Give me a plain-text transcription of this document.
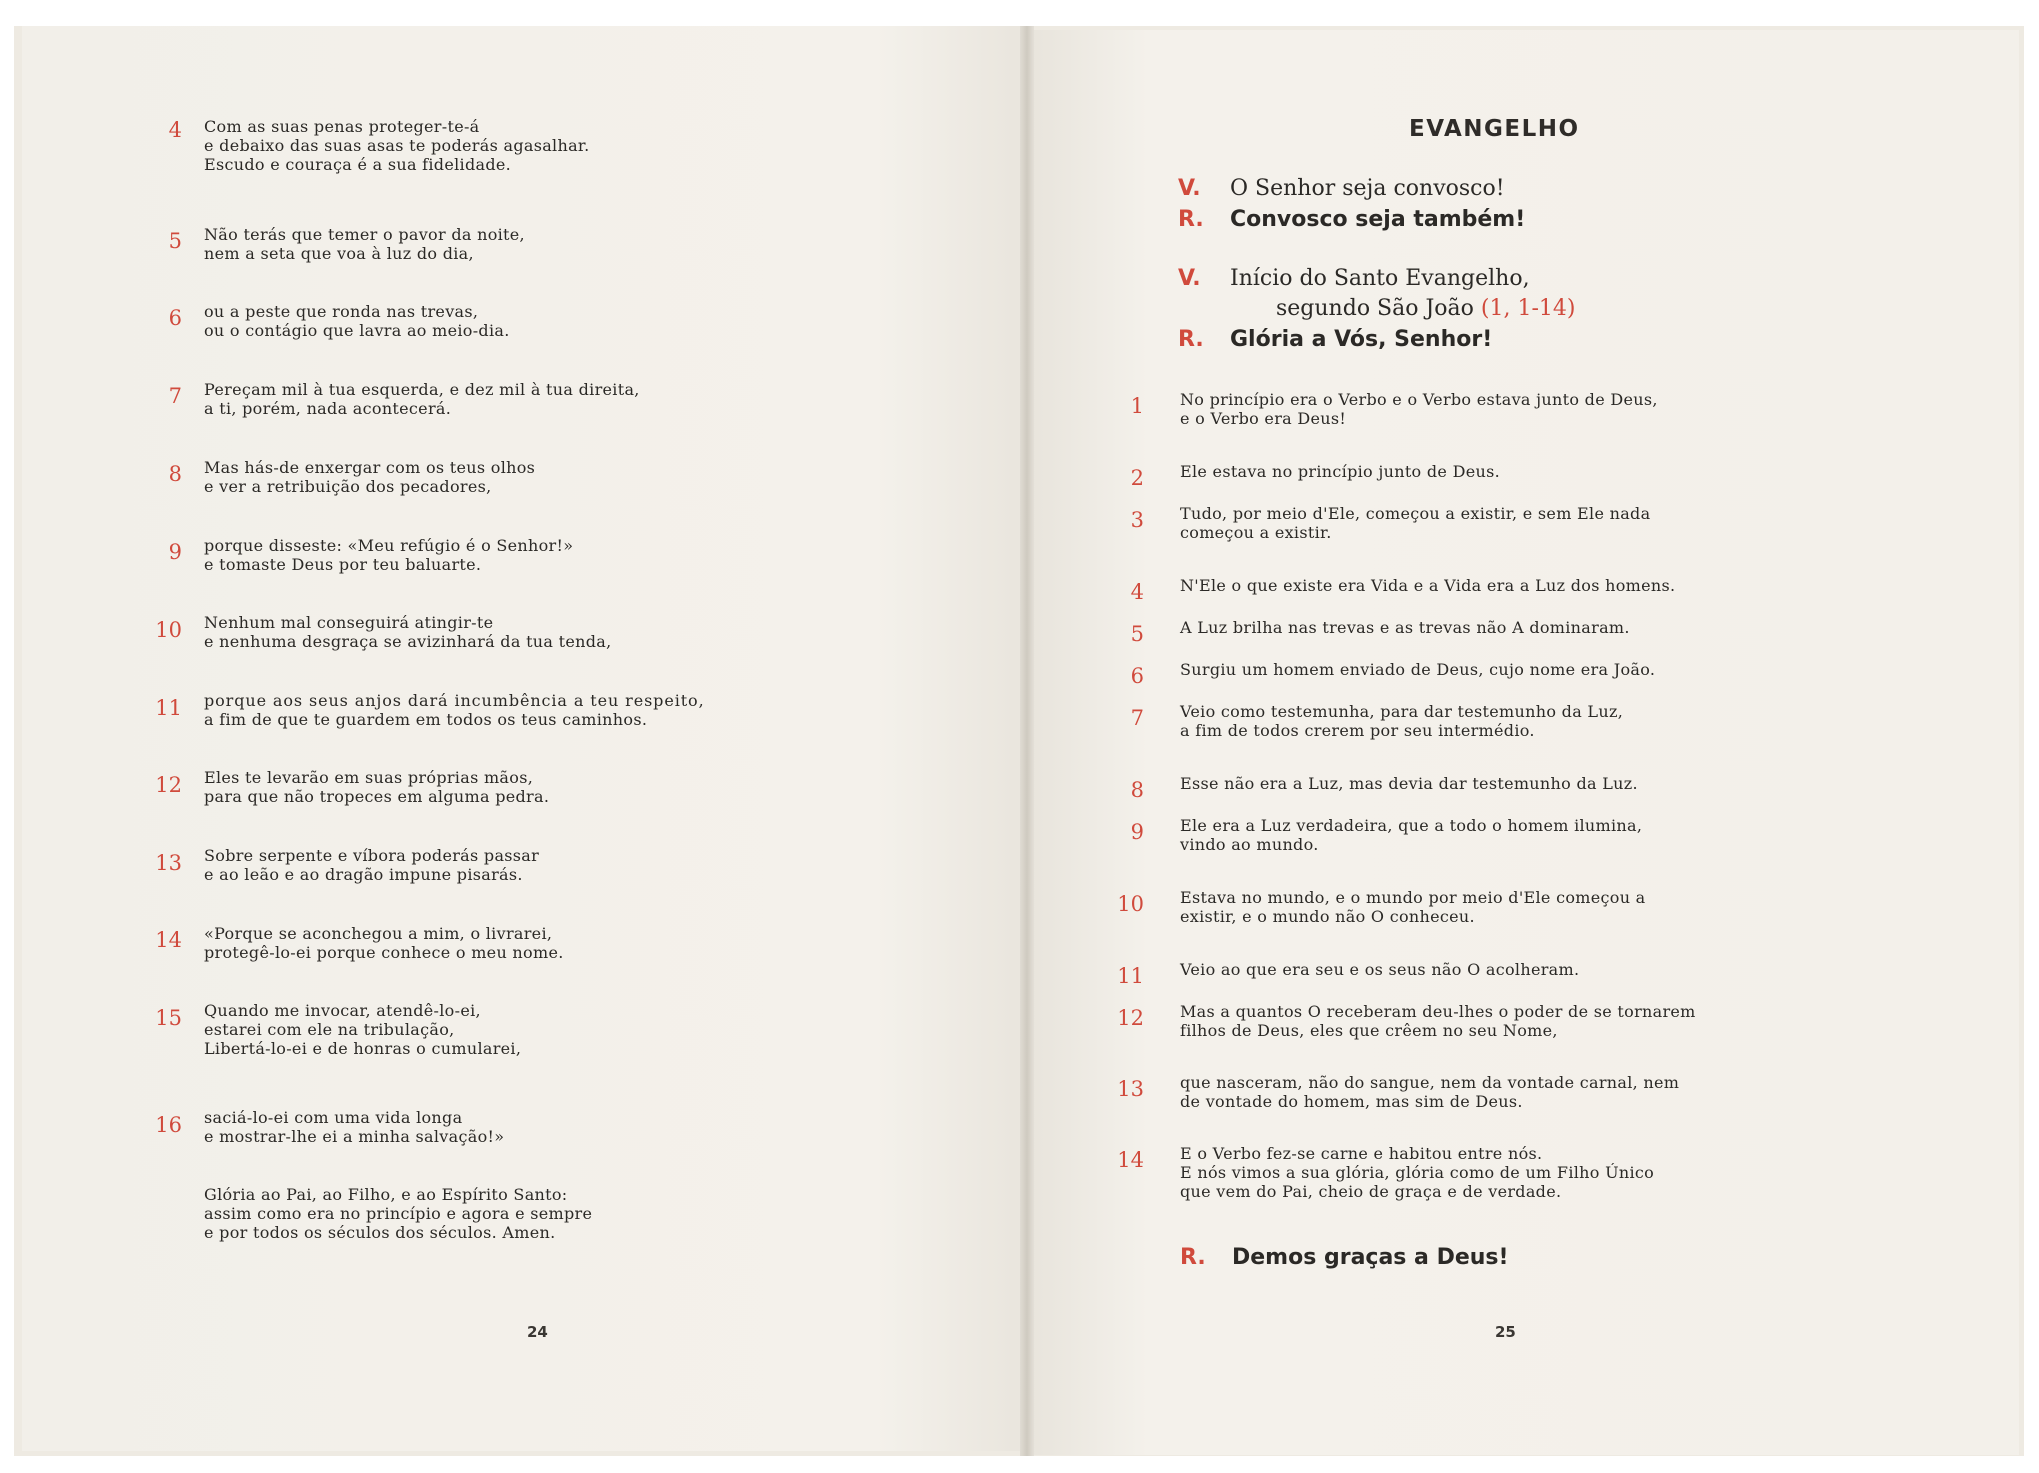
4 Com as suas penas proteger-te-á
e debaixo das suas asas te poderás agasalhar.
Escudo e couraça é a sua fidelidade.
5 Não terás que temer o pavor da noite,
nem a seta que voa à luz do dia,
6 ou a peste que ronda nas trevas,
ou o contágio que lavra ao meio-dia.
7 Pereçam mil à tua esquerda, e dez mil à tua direita,
a ti, porém, nada acontecerá.
8 Mas hás-de enxergar com os teus olhos
e ver a retribuição dos pecadores,
9 porque disseste: «Meu refúgio é o Senhor!»
e tomaste Deus por teu baluarte.
10 Nenhum mal conseguirá atingir-te
e nenhuma desgraça se avizinhará da tua tenda,
11 porque aos seus anjos dará incumbência a teu respeito,
a fim de que te guardem em todos os teus caminhos.
12 Eles te levarão em suas próprias mãos,
para que não tropeces em alguma pedra.
13 Sobre serpente e víbora poderás passar
e ao leão e ao dragão impune pisarás.
14 «Porque se aconchegou a mim, o livrarei,
protegê-lo-ei porque conhece o meu nome.
15 Quando me invocar, atendê-lo-ei,
estarei com ele na tribulação,
Libertá-lo-ei e de honras o cumularei,
16 saciá-lo-ei com uma vida longa
e mostrar-lhe ei a minha salvação!»
Glória ao Pai, ao Filho, e ao Espírito Santo:
assim como era no princípio e agora e sempre
e por todos os séculos dos séculos. Amen.
24
EVANGELHO
V. O Senhor seja convosco!
R. Convosco seja também!
V. Início do Santo Evangelho,
segundo São João (1, 1-14)
R. Glória a Vós, Senhor!
1 No princípio era o Verbo e o Verbo estava junto de Deus,
e o Verbo era Deus!
2 Ele estava no princípio junto de Deus.
3 Tudo, por meio d'Ele, começou a existir, e sem Ele nada
começou a existir.
4 N'Ele o que existe era Vida e a Vida era a Luz dos homens.
5 A Luz brilha nas trevas e as trevas não A dominaram.
6 Surgiu um homem enviado de Deus, cujo nome era João.
7 Veio como testemunha, para dar testemunho da Luz,
a fim de todos crerem por seu intermédio.
8 Esse não era a Luz, mas devia dar testemunho da Luz.
9 Ele era a Luz verdadeira, que a todo o homem ilumina,
vindo ao mundo.
10 Estava no mundo, e o mundo por meio d'Ele começou a
existir, e o mundo não O conheceu.
11 Veio ao que era seu e os seus não O acolheram.
12 Mas a quantos O receberam deu-lhes o poder de se tornarem
filhos de Deus, eles que crêem no seu Nome,
13 que nasceram, não do sangue, nem da vontade carnal, nem
de vontade do homem, mas sim de Deus.
14 E o Verbo fez-se carne e habitou entre nós.
E nós vimos a sua glória, glória como de um Filho Único
que vem do Pai, cheio de graça e de verdade.
R. Demos graças a Deus!
25
